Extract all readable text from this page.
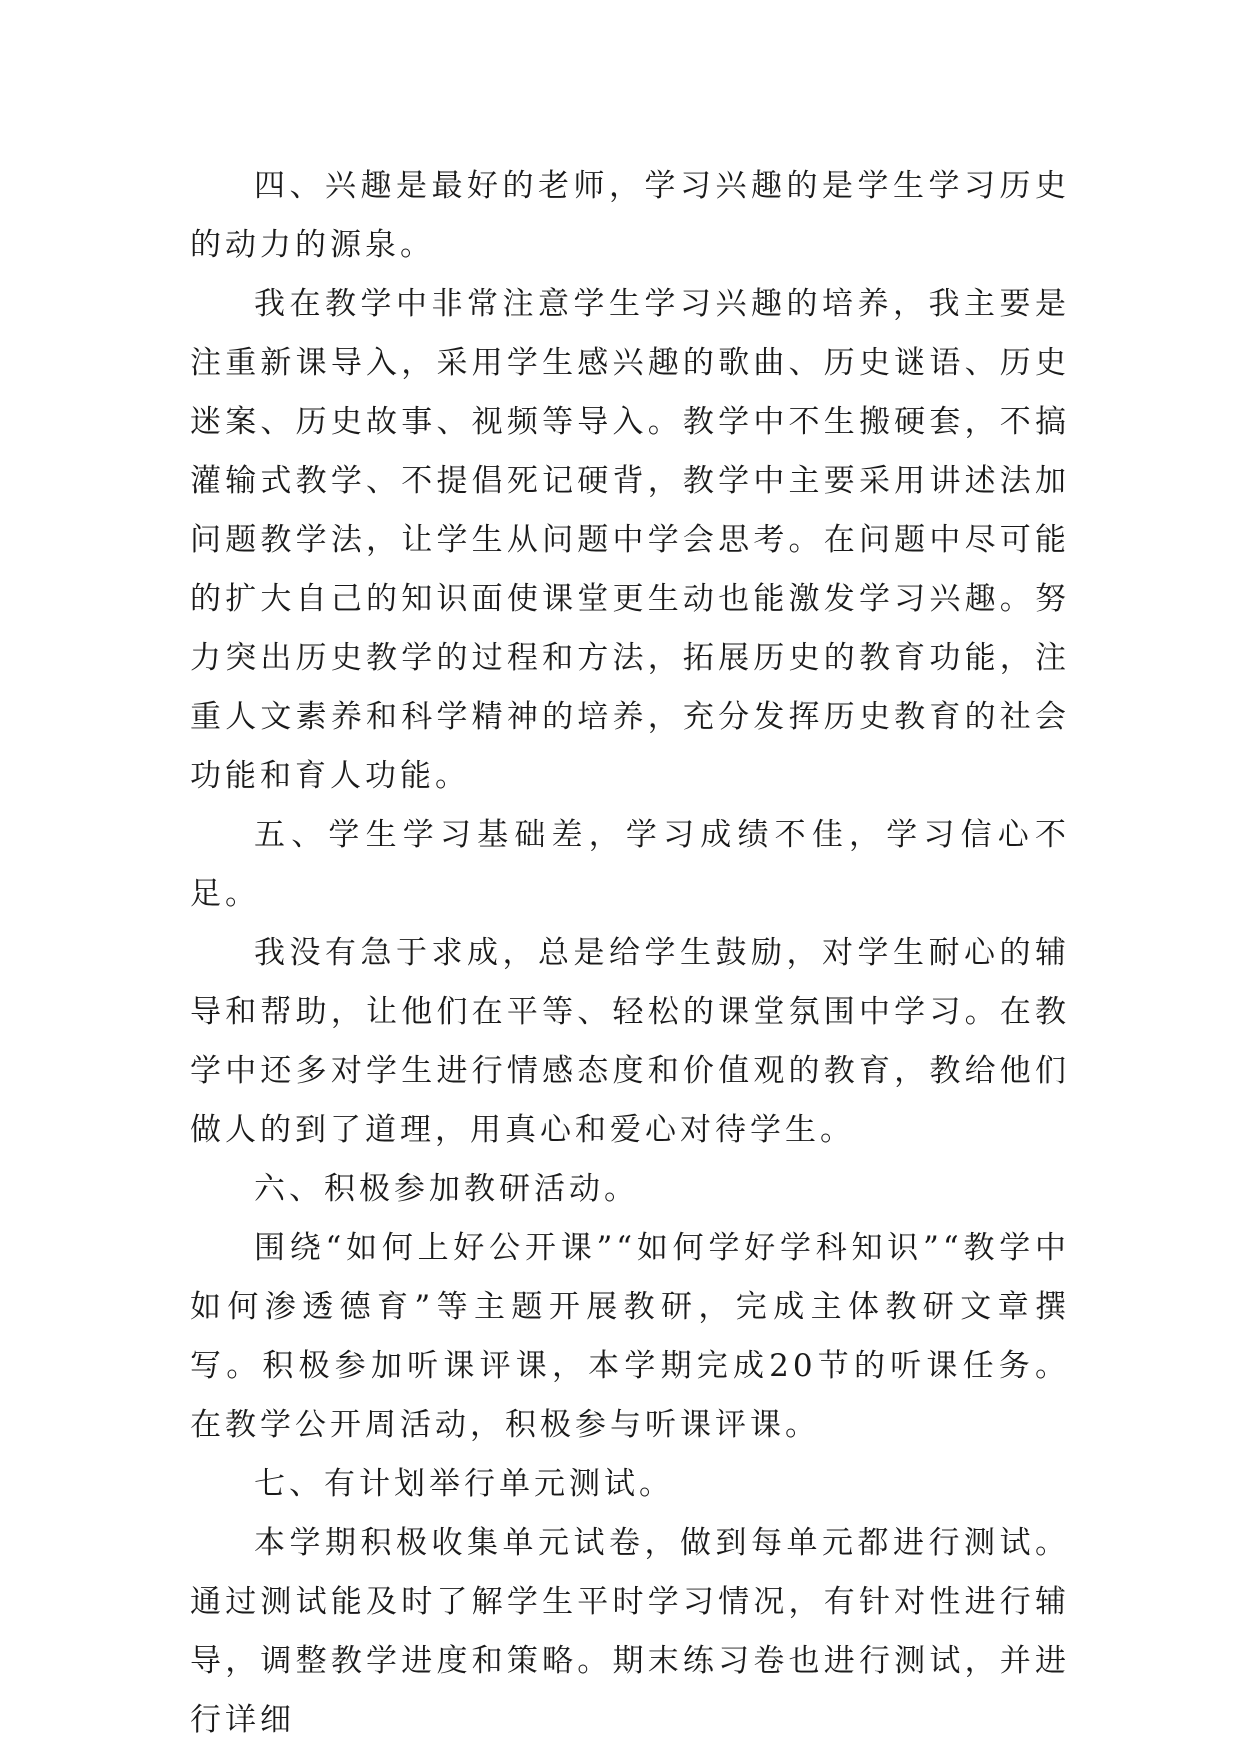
四、兴趣是最好的老师，学习兴趣的是学生学习历史的动力的源泉。

我在教学中非常注意学生学习兴趣的培养，我主要是注重新课导入，采用学生感兴趣的歌曲、历史谜语、历史迷案、历史故事、视频等导入。教学中不生搬硬套，不搞灌输式教学、不提倡死记硬背，教学中主要采用讲述法加问题教学法，让学生从问题中学会思考。在问题中尽可能的扩大自己的知识面使课堂更生动也能激发学习兴趣。努力突出历史教学的过程和方法，拓展历史的教育功能，注重人文素养和科学精神的培养，充分发挥历史教育的社会功能和育人功能。

五、学生学习基础差，学习成绩不佳，学习信心不足。

我没有急于求成，总是给学生鼓励，对学生耐心的辅导和帮助，让他们在平等、轻松的课堂氛围中学习。在教学中还多对学生进行情感态度和价值观的教育，教给他们做人的到了道理，用真心和爱心对待学生。

六、积极参加教研活动。

围绕“如何上好公开课”“如何学好学科知识”“教学中如何渗透德育”等主题开展教研，完成主体教研文章撰写。积极参加听课评课，本学期完成20节的听课任务。在教学公开周活动，积极参与听课评课。

七、有计划举行单元测试。

本学期积极收集单元试卷，做到每单元都进行测试。通过测试能及时了解学生平时学习情况，有针对性进行辅导，调整教学进度和策略。期末练习卷也进行测试，并进行详细
